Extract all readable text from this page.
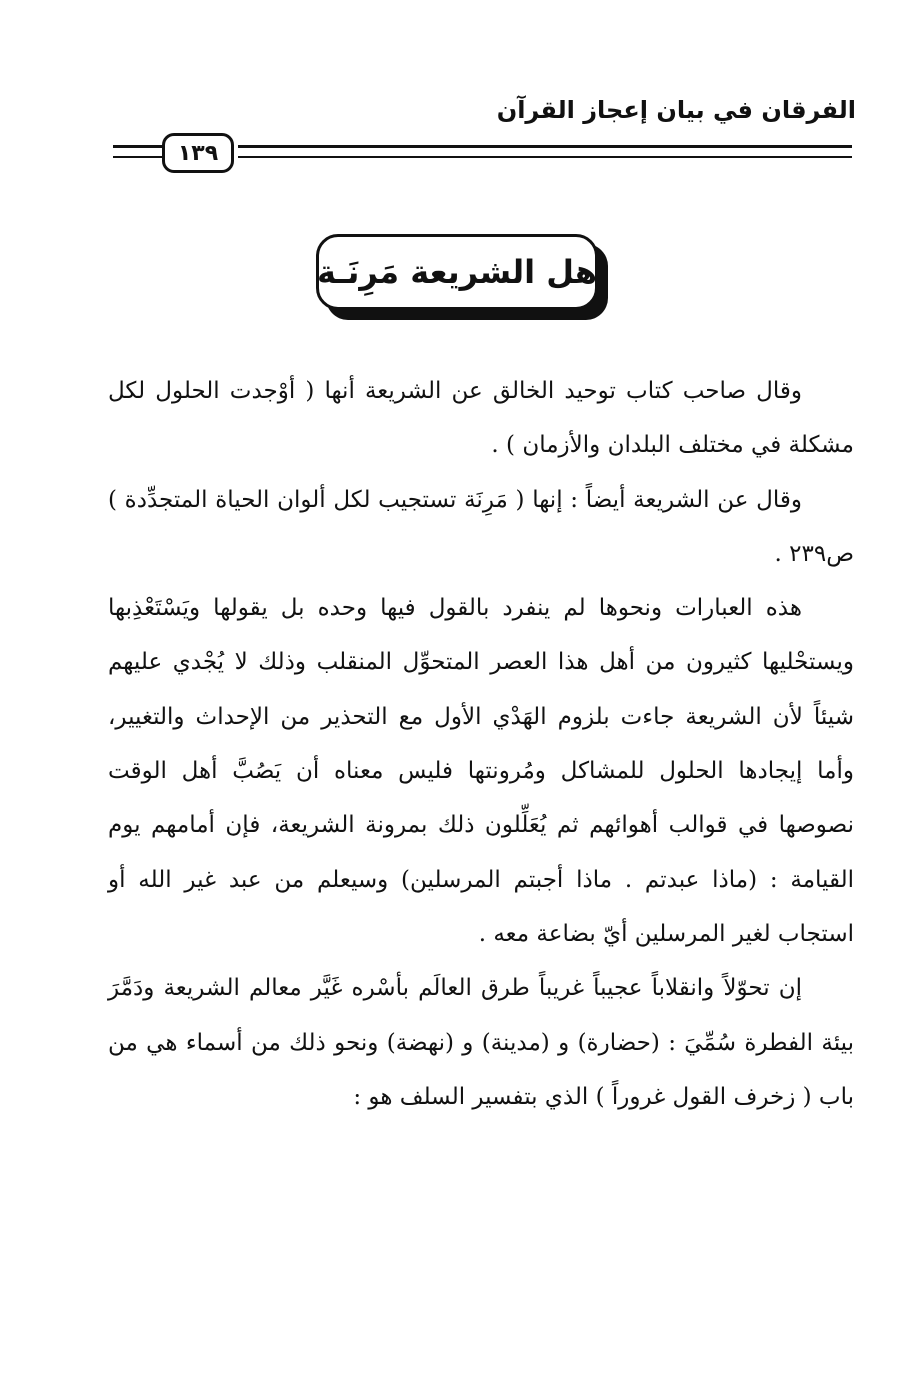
الفرقان في بيان إعجاز القرآن
١٣٩
هل الشريعة مَرِنَـة

وقال صاحب كتاب توحيد الخالق عن الشريعة أنها ( أوْجدت الحلول لكل مشكلة في مختلف البلدان والأزمان ) .

وقال عن الشريعة أيضاً : إنها ( مَرِنَة تستجيب لكل ألوان الحياة المتجدِّدة ) ص٢٣٩ .

هذه العبارات ونحوها لم ينفرد بالقول فيها وحده بل يقولها ويَسْتَعْذِبها ويستحْليها كثيرون من أهل هذا العصر المتحوِّل المنقلب وذلك لا يُجْدي عليهم شيئاً لأن الشريعة جاءت بلزوم الهَدْي الأول مع التحذير من الإحداث والتغيير، وأما إيجادها الحلول للمشاكل ومُرونتها فليس معناه أن يَصُبَّ أهل الوقت نصوصها في قوالب أهوائهم ثم يُعَلِّلون ذلك بمرونة الشريعة، فإن أمامهم يوم القيامة : (ماذا عبدتم . ماذا أجبتم المرسلين) وسيعلم من عبد غير الله أو استجاب لغير المرسلين أيّ بضاعة معه .

إن تحوّلاً وانقلاباً عجيباً غريباً طرق العالَم بأسْره غَيَّر معالم الشريعة ودَمَّرَ بيئة الفطرة سُمِّيَ : (حضارة) و (مدينة) و (نهضة) ونحو ذلك من أسماء هي من باب ( زخرف القول غروراً ) الذي بتفسير السلف هو :
